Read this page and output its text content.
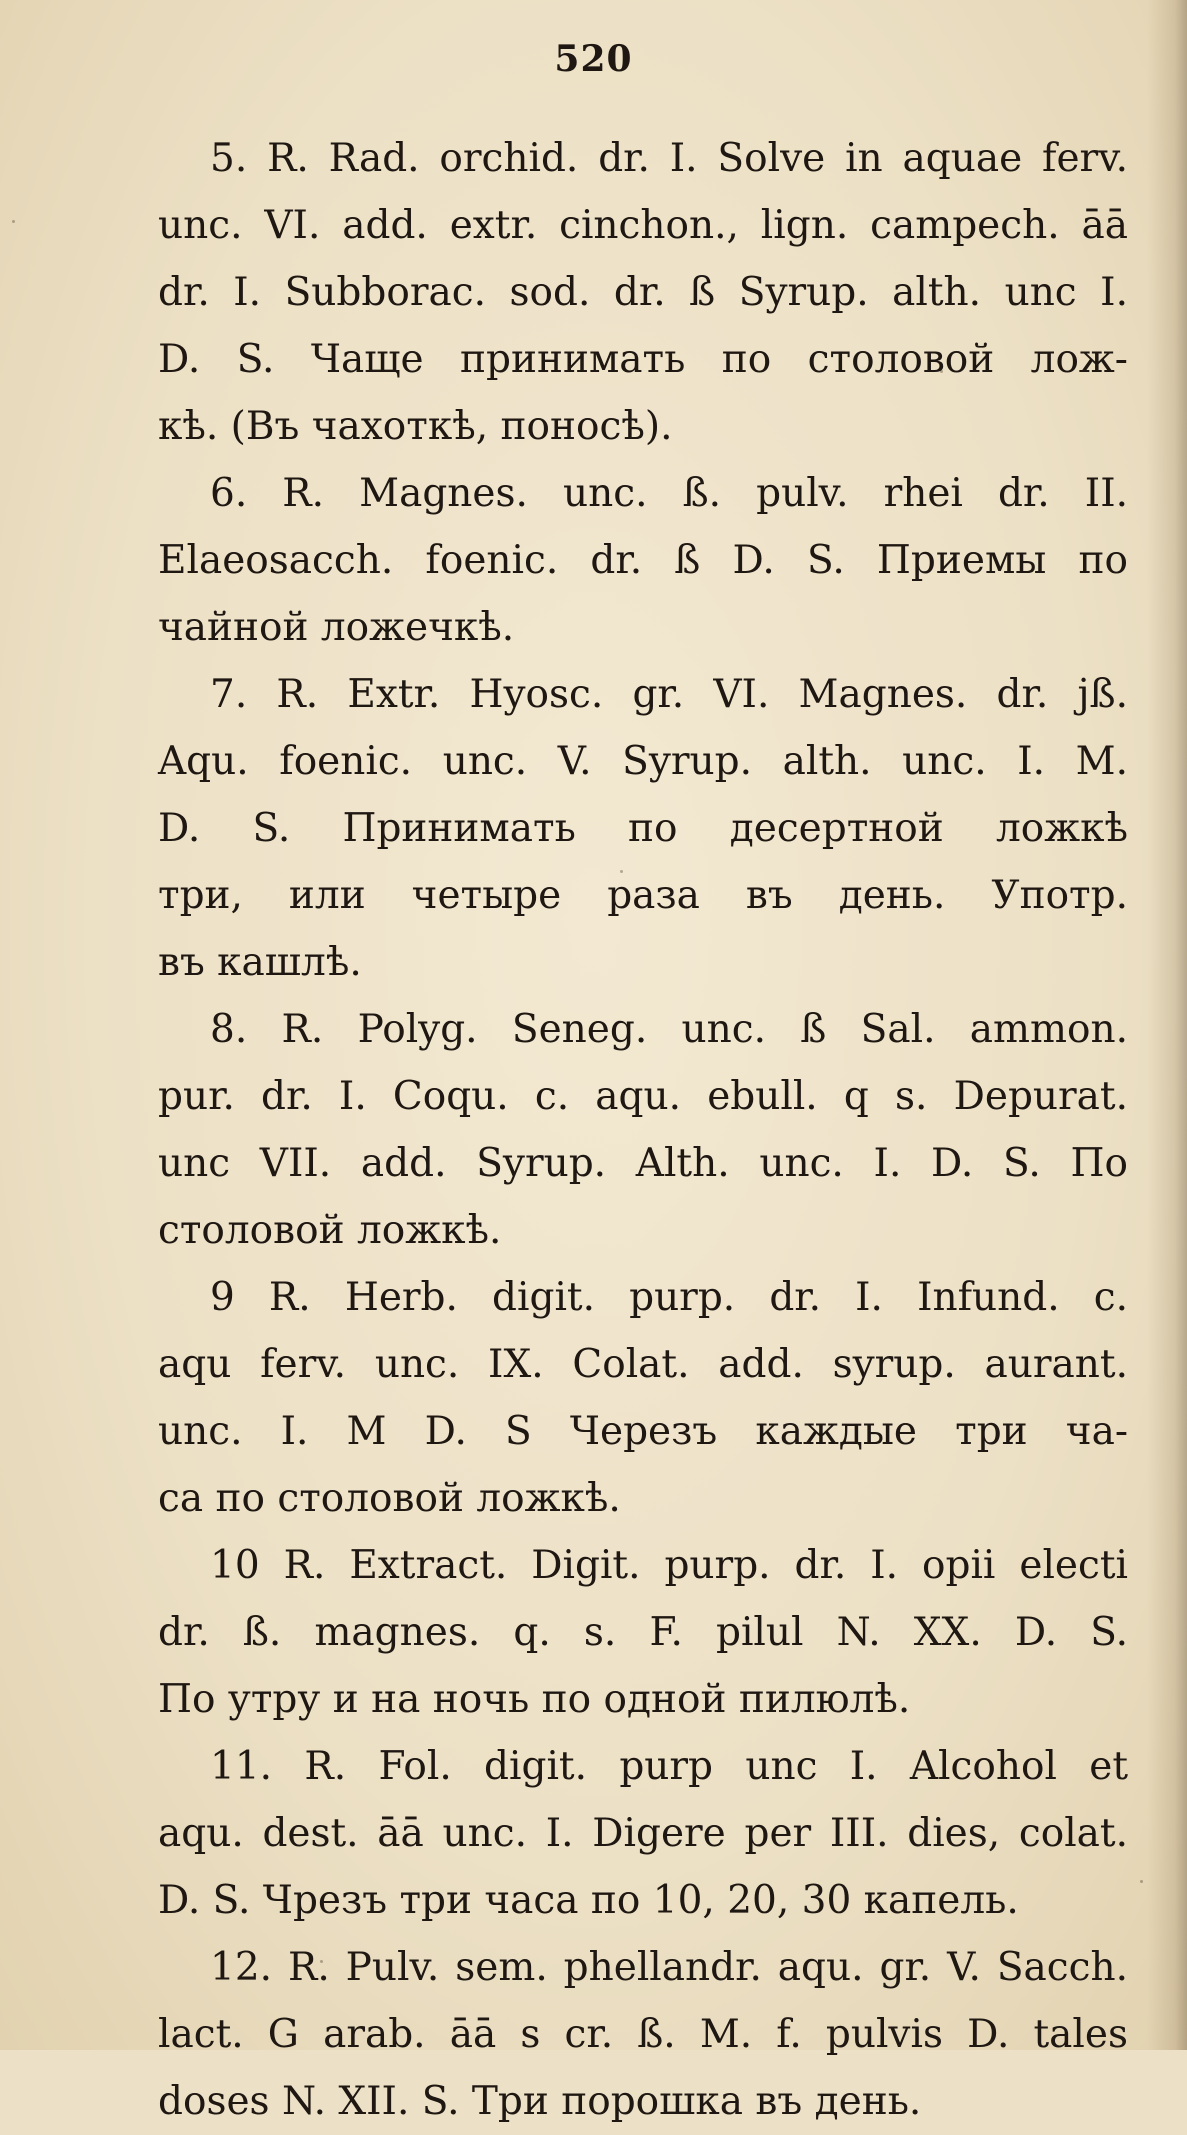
520
5. R. Rad. orchid. dr. I. Solve in aquae ferv.
unc. VI. add. extr. cinchon., lign. campech. āā
dr. I. Subborac. sod. dr. ß Syrup. alth. unc I.
D. S. Чаще принимать по столовой лож-
кѣ. (Въ чахоткѣ, поносѣ).
6. R. Magnes. unc. ß. pulv. rhei dr. II.
Elaeosacch. foenic. dr. ß D. S. Приемы по
чайной ложечкѣ.
7. R. Extr. Hyosc. gr. VI. Magnes. dr. jß.
Aqu. foenic. unc. V. Syrup. alth. unc. I. M.
D. S. Принимать по десертной ложкѣ
три, или четыре раза въ день. Употр.
въ кашлѣ.
8. R. Polyg. Seneg. unc. ß Sal. ammon.
pur. dr. I. Coqu. c. aqu. ebull. q s. Depurat.
unc VII. add. Syrup. Alth. unc. I. D. S. По
столовой ложкѣ.
9 R. Herb. digit. purp. dr. I. Infund. c.
aqu ferv. unc. IX. Colat. add. syrup. aurant.
unc. I. M D. S Черезъ каждые три ча-
са по столовой ложкѣ.
10 R. Extract. Digit. purp. dr. I. opii electi
dr. ß. magnes. q. s. F. pilul N. XX. D. S.
По утру и на ночь по одной пилюлѣ.
11. R. Fol. digit. purp unc I. Alcohol et
aqu. dest. āā unc. I. Digere per III. dies, colat.
D. S. Чрезъ три часа по 10, 20, 30 капель.
12. R. Pulv. sem. phellandr. aqu. gr. V. Sacch.
lact. G arab. āā s cr. ß. M. f. pulvis D. tales
doses N. XII. S. Три порошка въ день.
